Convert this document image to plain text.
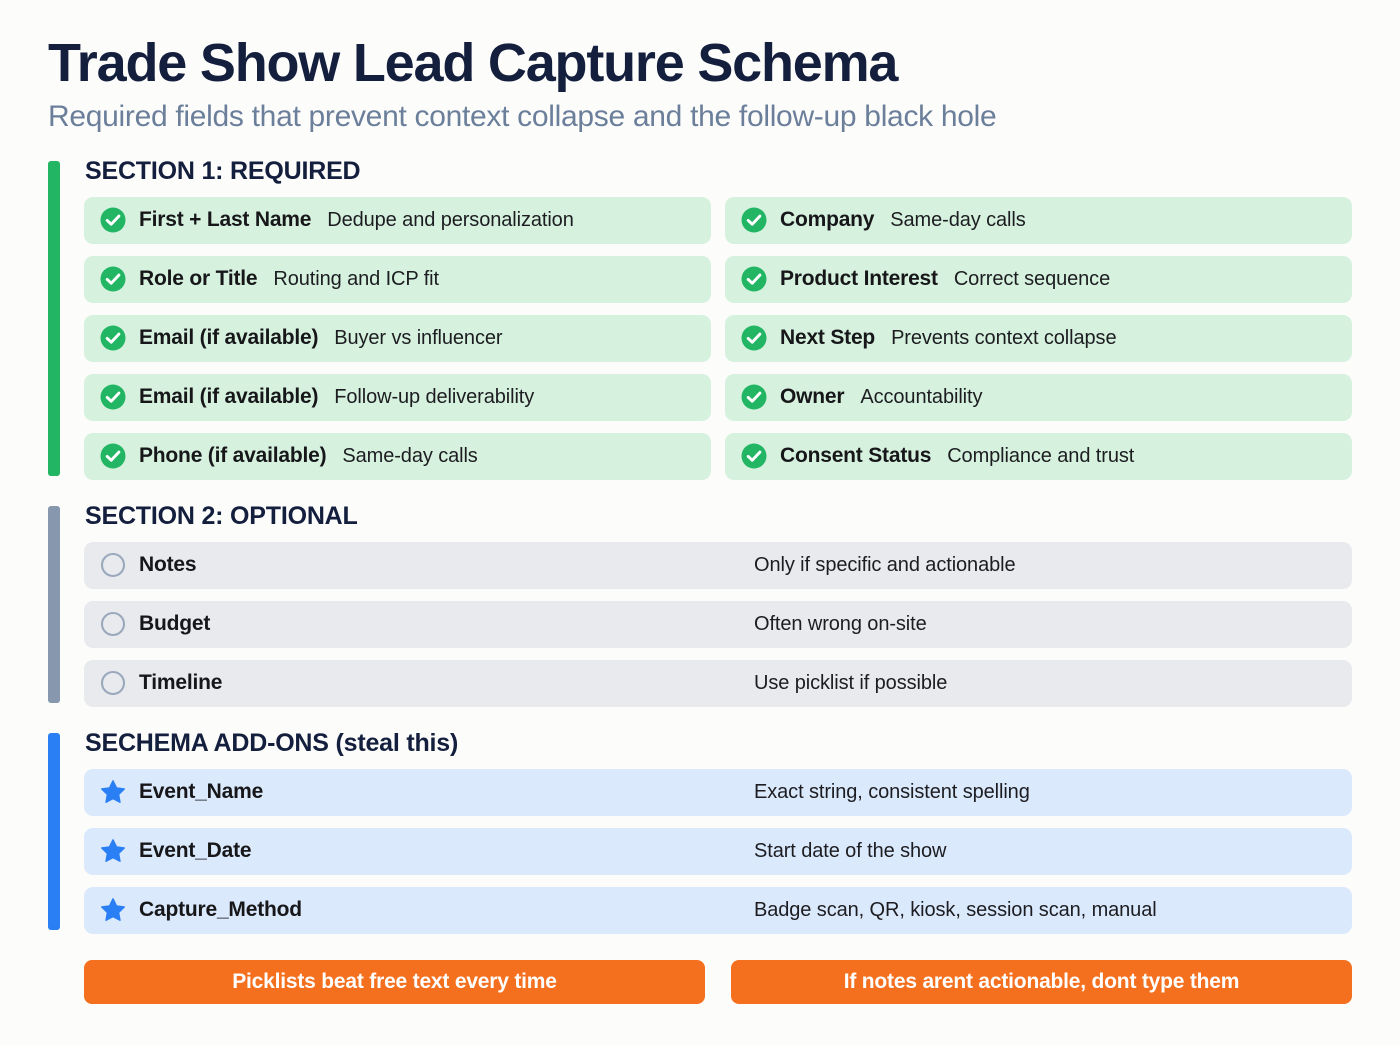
Trade Show Lead Capture Schema
Required fields that prevent context collapse and the follow-up black hole
SECTION 1: REQUIRED
First + Last Name Dedupe and personalization	Company Same-day calls
Role or Title Routing and ICP fit	Product Interest Correct sequence
Email (if available) Buyer vs influencer	Next Step Prevents context collapse
Email (if available) Follow-up deliverability	Owner Accountability
Phone (if available) Same-day calls	Consent Status Compliance and trust
SECTION 2: OPTIONAL
Notes	Only if specific and actionable
Budget	Often wrong on-site
Timeline	Use picklist if possible
SECHEMA ADD-ONS (steal this)
Event_Name	Exact string, consistent spelling
Event_Date	Start date of the show
Capture_Method	Badge scan, QR, kiosk, session scan, manual
Picklists beat free text every time	If notes arent actionable, dont type them
